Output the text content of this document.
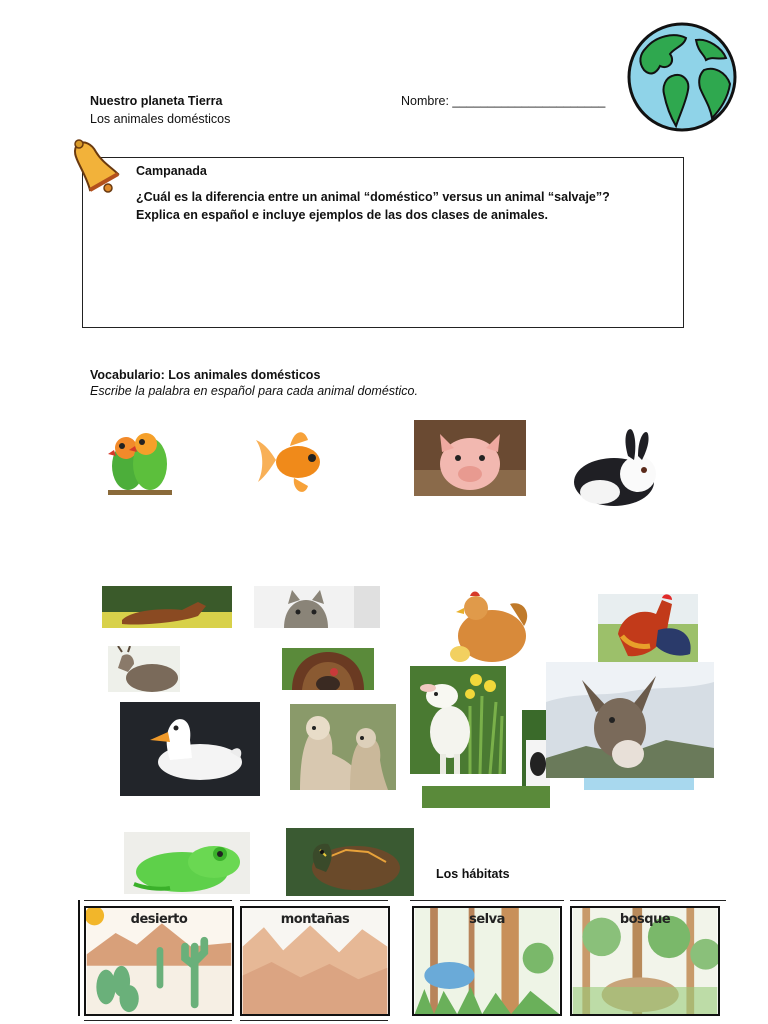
Nuestro planeta Tierra
Los animales domésticos
Nombre: ______________________
Campanada
¿Cuál es la diferencia entre un animal “doméstico” versus un animal “salvaje”?
Explica en español e incluye ejemplos de las dos clases de animales.
Vocabulario: Los animales domésticos
Escribe la palabra en español para cada animal doméstico.
Los hábitats
desierto	montañas	selva	bosque
